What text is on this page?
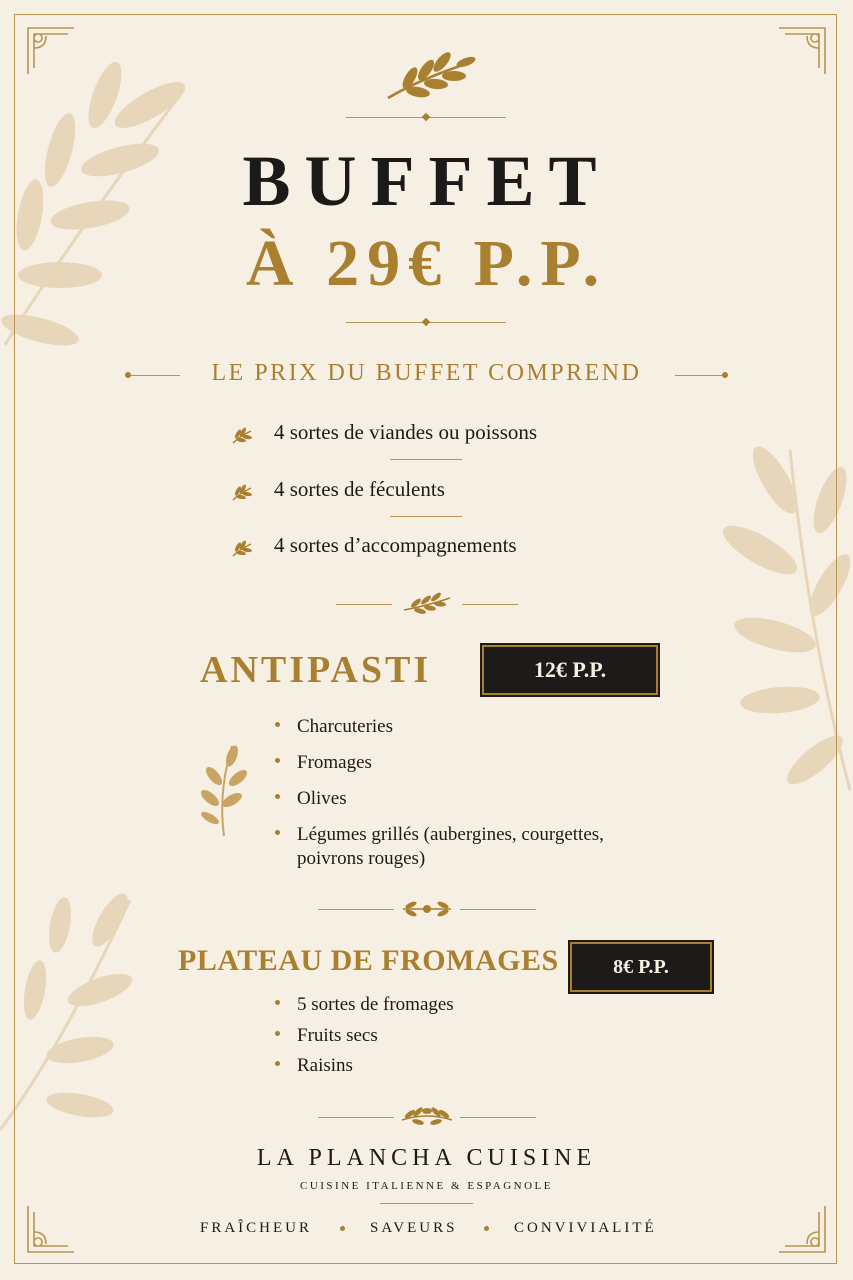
BUFFET
À 29€ P.P.
LE PRIX DU BUFFET COMPREND
4 sortes de viandes ou poissons
4 sortes de féculents
4 sortes d’accompagnements
ANTIPASTI	12€ P.P.
Charcuteries
Fromages
Olives
Légumes grillés (aubergines, courgettes,
poivrons rouges)
PLATEAU DE FROMAGES	8€ P.P.
5 sortes de fromages
Fruits secs
Raisins
LA PLANCHA CUISINE
CUISINE ITALIENNE & ESPAGNOLE
FRAÎCHEUR	SAVEURS	CONVIVIALITÉ
